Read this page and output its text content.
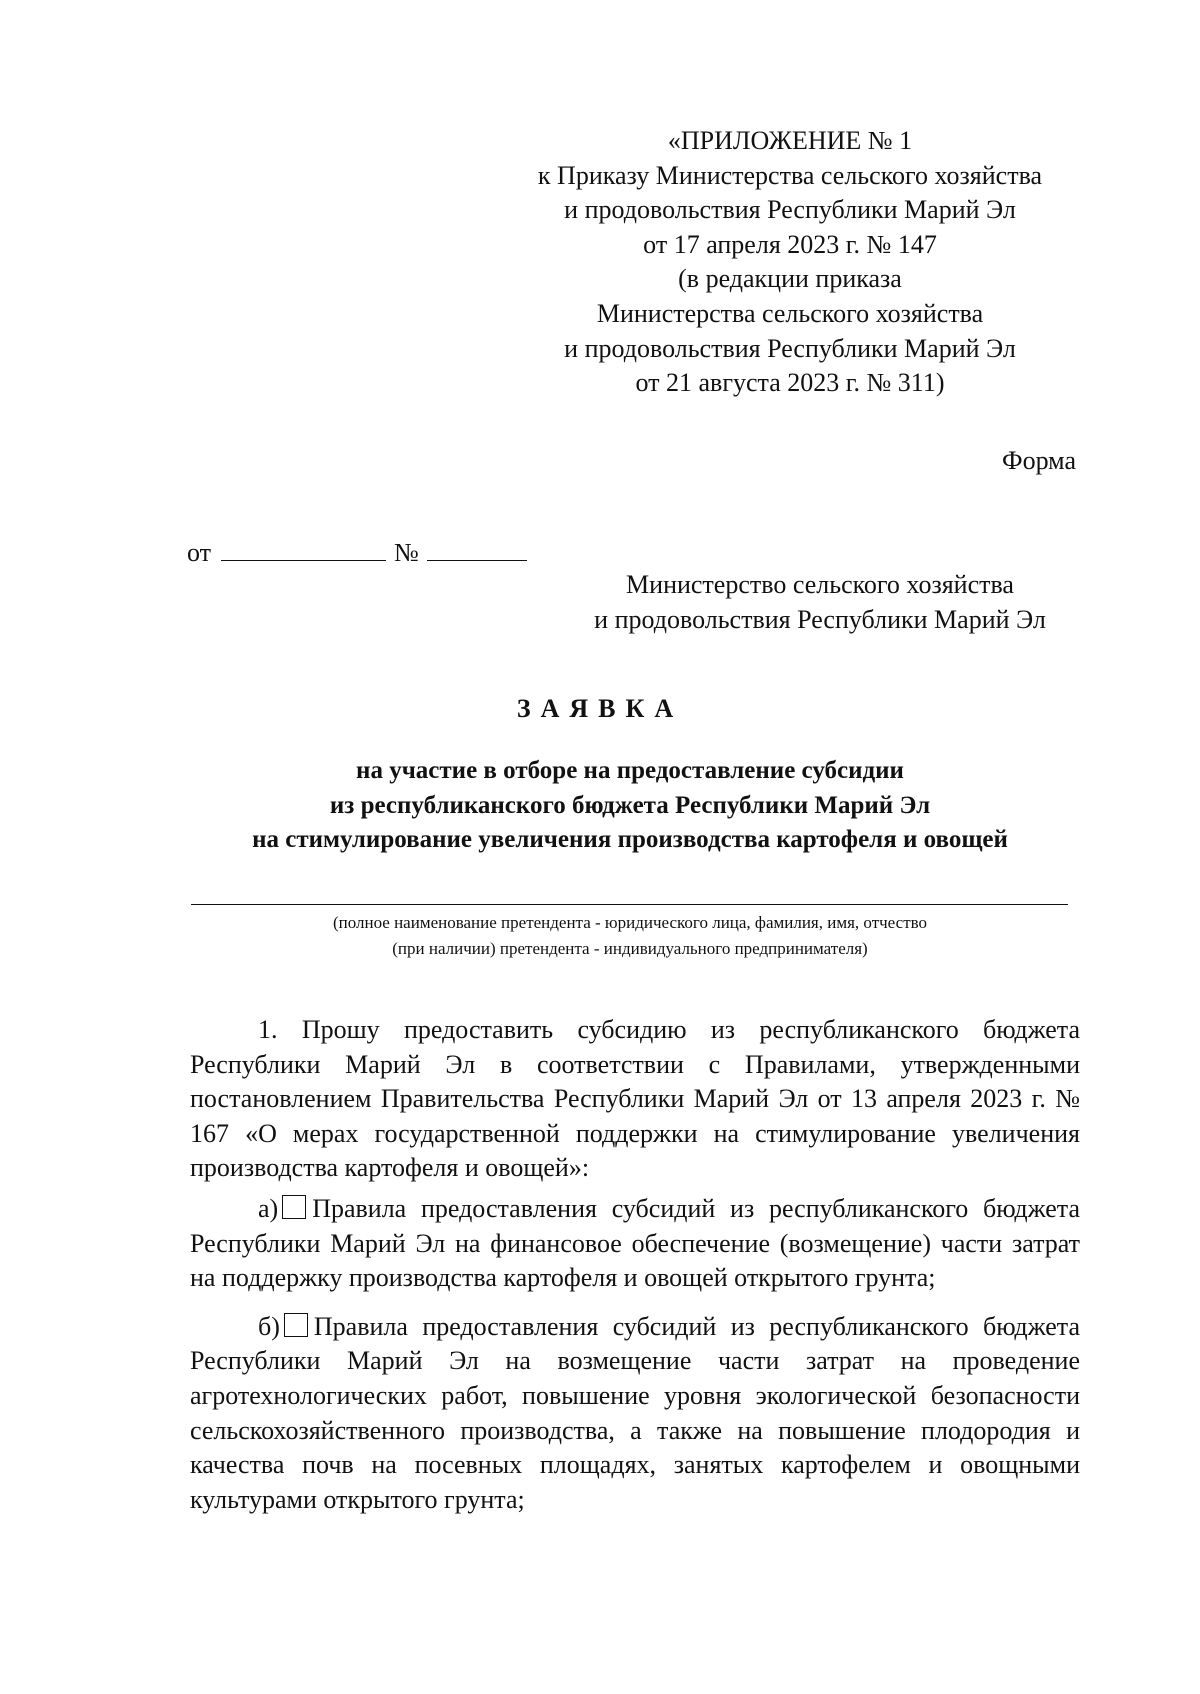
«ПРИЛОЖЕНИЕ № 1
к Приказу Министерства сельского хозяйства
и продовольствия Республики Марий Эл
от 17 апреля 2023 г. № 147
(в редакции приказа
Министерства сельского хозяйства
и продовольствия Республики Марий Эл
от 21 августа 2023 г. № 311)
Форма
от	№
Министерство сельского хозяйства
и продовольствия Республики Марий Эл
ЗАЯВКА
на участие в отборе на предоставление субсидии
из республиканского бюджета Республики Марий Эл
на стимулирование увеличения производства картофеля и овощей
(полное наименование претендента - юридического лица, фамилия, имя, отчество
(при наличии) претендента - индивидуального предпринимателя)

1. Прошу предоставить субсидию из республиканского бюджета Республики Марий Эл в соответствии с Правилами, утвержденными постановлением Правительства Республики Марий Эл от 13 апреля 2023 г. № 167 «О мерах государственной поддержки на стимулирование увеличения производства картофеля и овощей»:

а) Правила предоставления субсидий из республиканского бюджета Республики Марий Эл на финансовое обеспечение (возмещение) части затрат на поддержку производства картофеля и овощей открытого грунта;

б) Правила предоставления субсидий из республиканского бюджета Республики Марий Эл на возмещение части затрат на проведение агротехнологических работ, повышение уровня экологической безопасности сельскохозяйственного производства, а также на повышение плодородия и качества почв на посевных площадях, занятых картофелем и овощными культурами открытого грунта;
